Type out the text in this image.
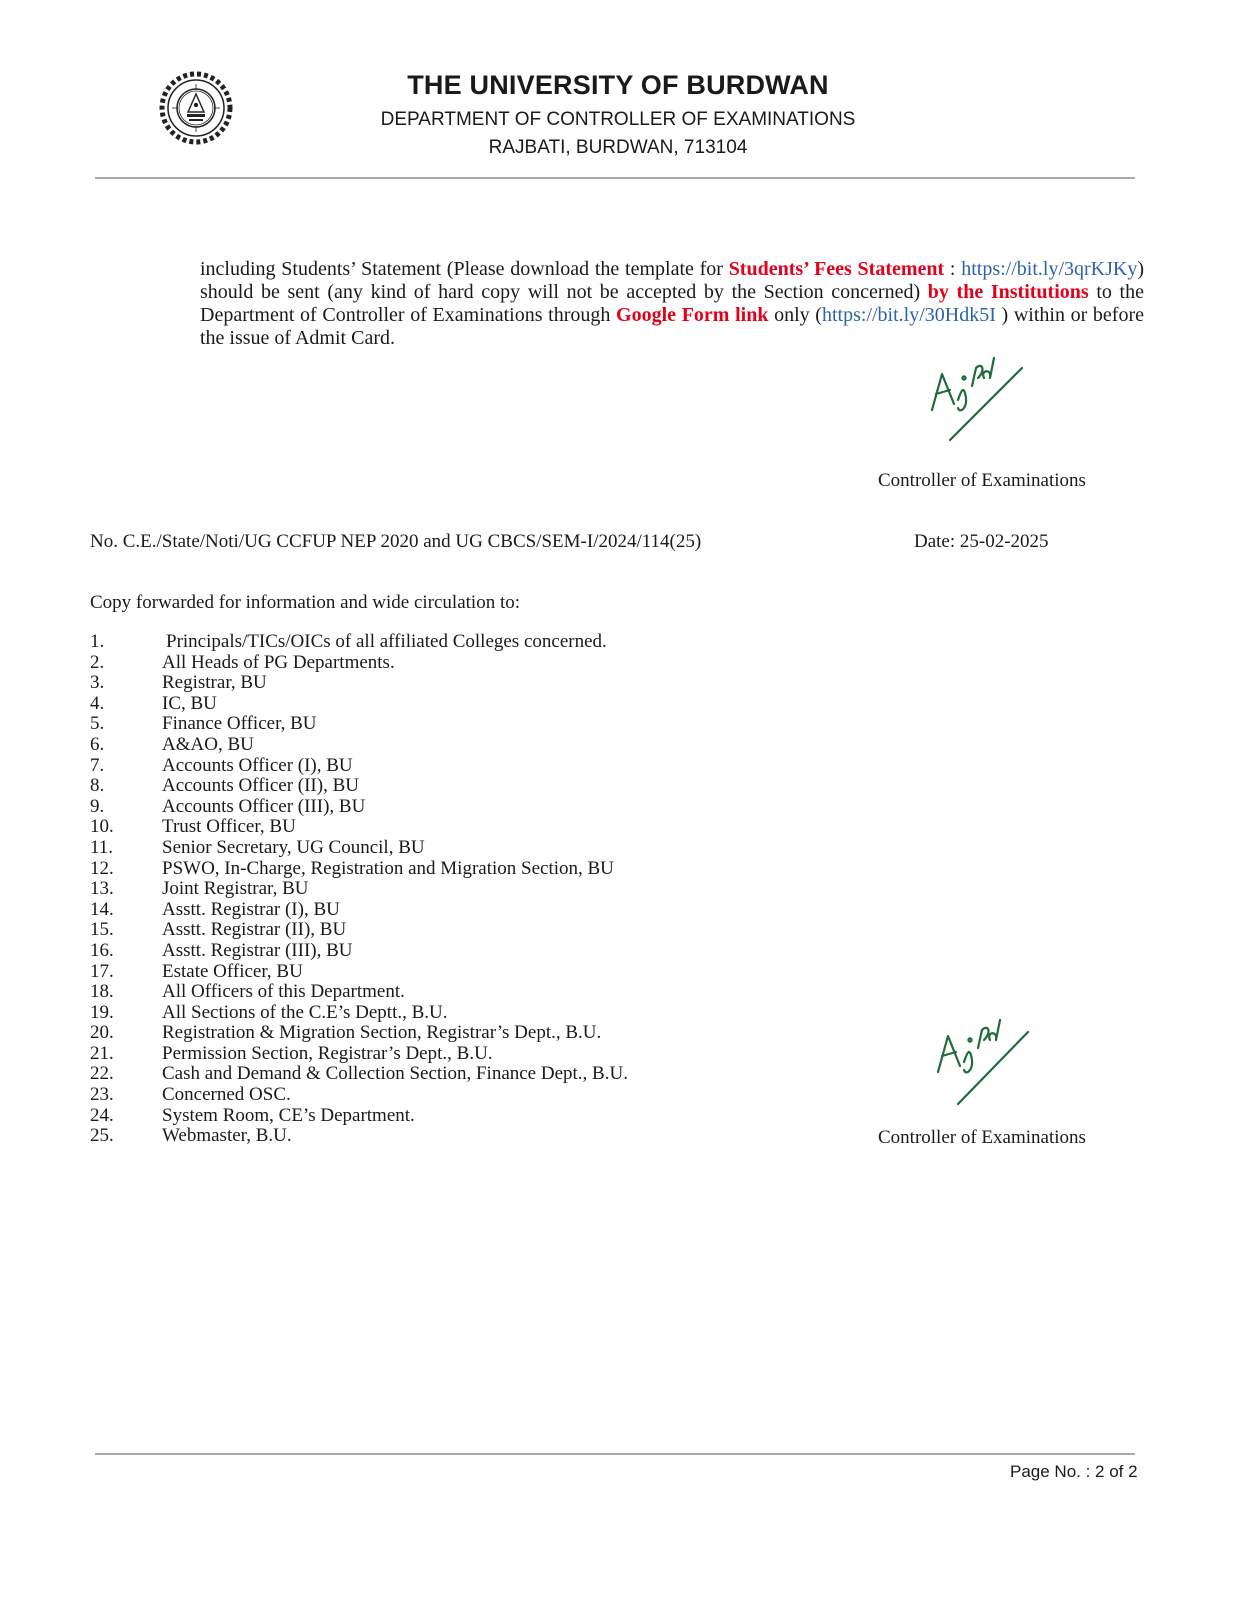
THE UNIVERSITY OF BURDWAN
DEPARTMENT OF CONTROLLER OF EXAMINATIONS
RAJBATI, BURDWAN, 713104
including Students’ Statement (Please download the template for Students’ Fees Statement : https://bit.ly/3qrKJKy) should be sent (any kind of hard copy will not be accepted by the Section concerned) by the Institutions to the Department of Controller of Examinations through Google Form link only (https://bit.ly/30Hdk5I ) within or before the issue of Admit Card.
Controller of Examinations
No. C.E./State/Noti/UG CCFUP NEP 2020 and UG CBCS/SEM-I/2024/114(25)	Date: 25-02-2025
Copy forwarded for information and wide circulation to:
1.	Principals/TICs/OICs of all affiliated Colleges concerned.
2.	All Heads of PG Departments.
3.	Registrar, BU
4.	IC, BU
5.	Finance Officer, BU
6.	A&AO, BU
7.	Accounts Officer (I), BU
8.	Accounts Officer (II), BU
9.	Accounts Officer (III), BU
10.	Trust Officer, BU
11.	Senior Secretary, UG Council, BU
12.	PSWO, In-Charge, Registration and Migration Section, BU
13.	Joint Registrar, BU
14.	Asstt. Registrar (I), BU
15.	Asstt. Registrar (II), BU
16.	Asstt. Registrar (III), BU
17.	Estate Officer, BU
18.	All Officers of this Department.
19.	All Sections of the C.E’s Deptt., B.U.
20.	Registration & Migration Section, Registrar’s Dept., B.U.
21.	Permission Section, Registrar’s Dept., B.U.
22.	Cash and Demand & Collection Section, Finance Dept., B.U.
23.	Concerned OSC.
24.	System Room, CE’s Department.
25.	Webmaster, B.U.	Controller of Examinations
Page No. : 2 of 2
